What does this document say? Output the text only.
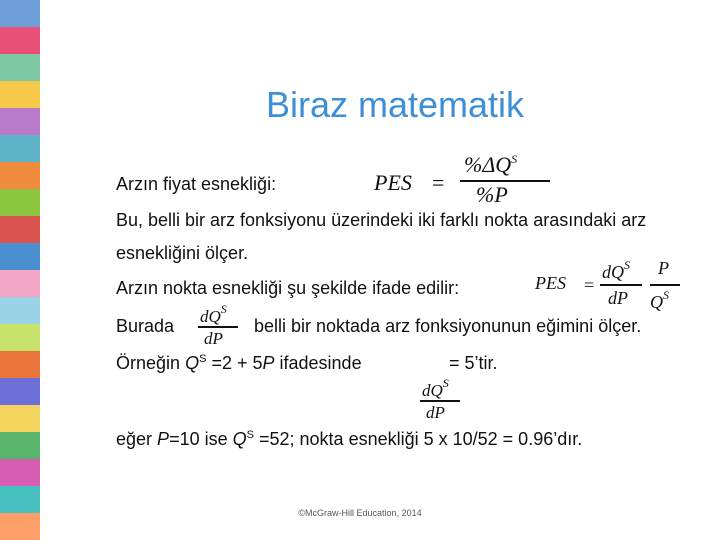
Biraz matematik
Arzın fiyat esnekliği:	PES =
$\%\Delta Q^S$
%P
Bu, belli bir arz fonksiyonu üzerindeki iki farklı nokta arasındaki arz
esnekliğini ölçer.
Arzın nokta esnekliği şu şekilde ifade edilir:	PES =
$dQ^S$
dP
P
$Q^S$
Burada $dQ^S$
dP
belli bir noktada arz fonksiyonunun eğimini ölçer.
Örneğin $Q^S =2 + 5P$ ifadesinde	= 5’tir.
$dQ^S$
dP
eğer P=10 ise $Q^S =52$; nokta esnekliği 5 x 10/52 = 0.96’dır.
©McGraw-Hill Education, 2014
